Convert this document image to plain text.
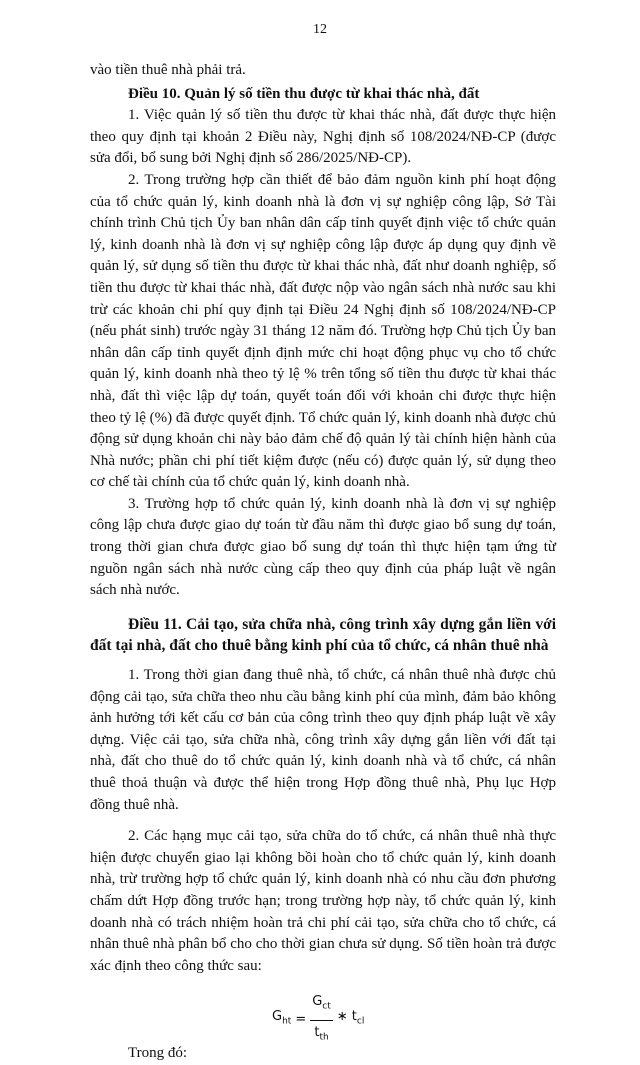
12

vào tiền thuê nhà phải trả.

Điều 10. Quản lý số tiền thu được từ khai thác nhà, đất

1. Việc quản lý số tiền thu được từ khai thác nhà, đất được thực hiện theo quy định tại khoản 2 Điều này, Nghị định số 108/2024/NĐ-CP (được sửa đổi, bổ sung bởi Nghị định số 286/2025/NĐ-CP).

2. Trong trường hợp cần thiết để bảo đảm nguồn kinh phí hoạt động của tổ chức quản lý, kinh doanh nhà là đơn vị sự nghiệp công lập, Sở Tài chính trình Chủ tịch Ủy ban nhân dân cấp tỉnh quyết định việc tổ chức quản lý, kinh doanh nhà là đơn vị sự nghiệp công lập được áp dụng quy định về quản lý, sử dụng số tiền thu được từ khai thác nhà, đất như doanh nghiệp, số tiền thu được từ khai thác nhà, đất được nộp vào ngân sách nhà nước sau khi trừ các khoản chi phí quy định tại Điều 24 Nghị định số 108/2024/NĐ-CP (nếu phát sinh) trước ngày 31 tháng 12 năm đó. Trường hợp Chủ tịch Ủy ban nhân dân cấp tỉnh quyết định định mức chi hoạt động phục vụ cho tổ chức quản lý, kinh doanh nhà theo tỷ lệ % trên tổng số tiền thu được từ khai thác nhà, đất thì việc lập dự toán, quyết toán đối với khoản chi được thực hiện theo tỷ lệ (%) đã được quyết định. Tổ chức quản lý, kinh doanh nhà được chủ động sử dụng khoản chi này bảo đảm chế độ quản lý tài chính hiện hành của Nhà nước; phần chi phí tiết kiệm được (nếu có) được quản lý, sử dụng theo cơ chế tài chính của tổ chức quản lý, kinh doanh nhà.

3. Trường hợp tổ chức quản lý, kinh doanh nhà là đơn vị sự nghiệp công lập chưa được giao dự toán từ đầu năm thì được giao bổ sung dự toán, trong thời gian chưa được giao bổ sung dự toán thì thực hiện tạm ứng từ nguồn ngân sách nhà nước cùng cấp theo quy định của pháp luật về ngân sách nhà nước.

Điều 11. Cải tạo, sửa chữa nhà, công trình xây dựng gắn liền với đất tại nhà, đất cho thuê bằng kinh phí của tổ chức, cá nhân thuê nhà

1. Trong thời gian đang thuê nhà, tổ chức, cá nhân thuê nhà được chủ động cải tạo, sửa chữa theo nhu cầu bằng kinh phí của mình, đảm bảo không ảnh hưởng tới kết cấu cơ bản của công trình theo quy định pháp luật về xây dựng. Việc cải tạo, sửa chữa nhà, công trình xây dựng gắn liền với đất tại nhà, đất cho thuê do tổ chức quản lý, kinh doanh nhà và tổ chức, cá nhân thuê thoả thuận và được thể hiện trong Hợp đồng thuê nhà, Phụ lục Hợp đồng thuê nhà.

2. Các hạng mục cải tạo, sửa chữa do tổ chức, cá nhân thuê nhà thực hiện được chuyển giao lại không bồi hoàn cho tổ chức quản lý, kinh doanh nhà, trừ trường hợp tổ chức quản lý, kinh doanh nhà có nhu cầu đơn phương chấm dứt Hợp đồng trước hạn; trong trường hợp này, tổ chức quản lý, kinh doanh nhà có trách nhiệm hoàn trả chi phí cải tạo, sửa chữa cho tổ chức, cá nhân thuê nhà phân bổ cho cho thời gian chưa sử dụng. Số tiền hoàn trả được xác định theo công thức sau:

$G_{ht} = \frac{G_{ct}}{t_{th}}$ ∗ $t_{cl}$

Trong đó:
